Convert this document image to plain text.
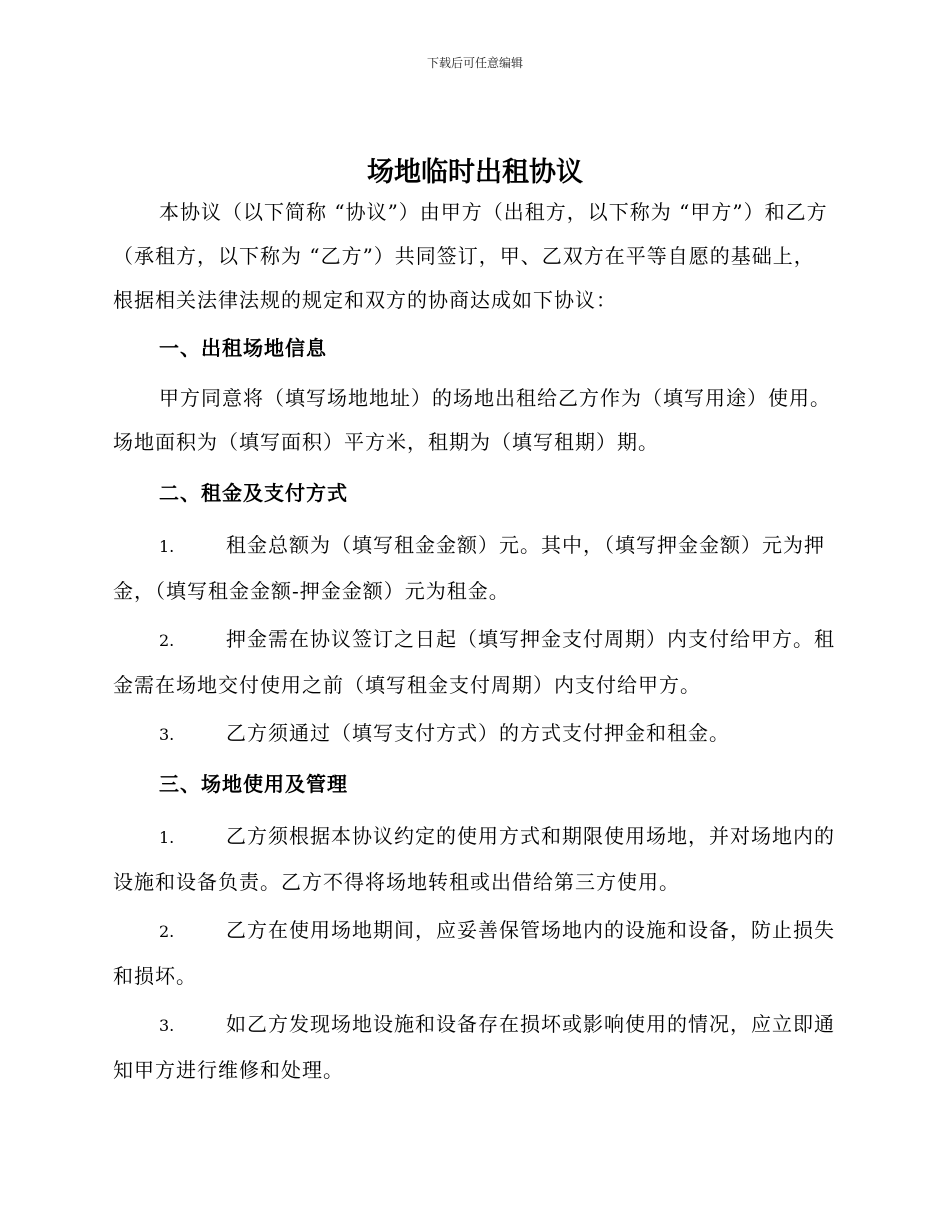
下载后可任意编辑
场地临时出租协议

本协议（以下简称 “协议”）由甲方（出租方，以下称为 “甲方”）和乙方（承租方，以下称为 “乙方”）共同签订，甲、乙双方在平等自愿的基础上，根据相关法律法规的规定和双方的协商达成如下协议：

一、出租场地信息

甲方同意将（填写场地地址）的场地出租给乙方作为（填写用途）使用。场地面积为（填写面积）平方米，租期为（填写租期）期。

二、租金及支付方式

1.	租金总额为（填写租金金额）元。其中，（填写押金金额）元为押金，（填写租金金额-押金金额）元为租金。

2.	押金需在协议签订之日起（填写押金支付周期）内支付给甲方。租金需在场地交付使用之前（填写租金支付周期）内支付给甲方。

3.	乙方须通过（填写支付方式）的方式支付押金和租金。

三、场地使用及管理

1.	乙方须根据本协议约定的使用方式和期限使用场地，并对场地内的设施和设备负责。乙方不得将场地转租或出借给第三方使用。

2.	乙方在使用场地期间，应妥善保管场地内的设施和设备，防止损失和损坏。

3.	如乙方发现场地设施和设备存在损坏或影响使用的情况，应立即通知甲方进行维修和处理。
